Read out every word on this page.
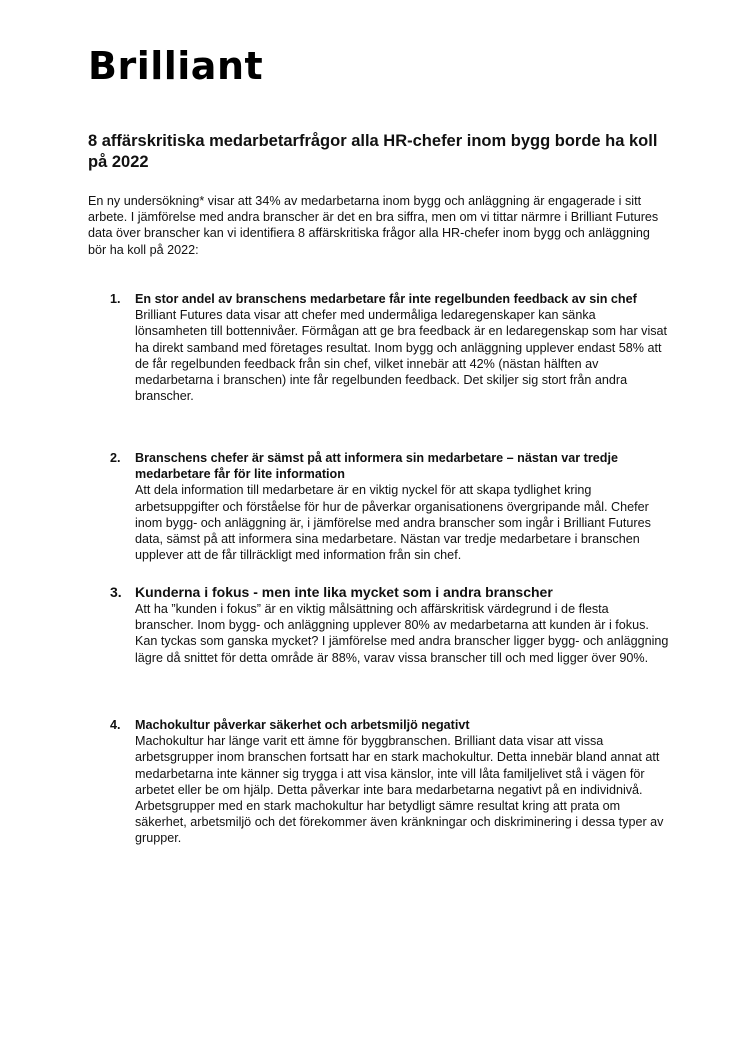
Brilliant
8 affärskritiska medarbetarfrågor alla HR-chefer inom bygg borde ha koll på 2022

En ny undersökning* visar att 34% av medarbetarna inom bygg och anläggning är engagerade i sitt arbete. I jämförelse med andra branscher är det en bra siffra, men om vi tittar närmre i Brilliant Futures data över branscher kan vi identifiera 8 affärskritiska frågor alla HR-chefer inom bygg och anläggning bör ha koll på 2022:

1. En stor andel av branschens medarbetare får inte regelbunden feedback av sin chef

Brilliant Futures data visar att chefer med undermåliga ledaregenskaper kan sänka lönsamheten till bottennivåer. Förmågan att ge bra feedback är en ledaregenskap som har visat ha direkt samband med företages resultat. Inom bygg och anläggning upplever endast 58% att de får regelbunden feedback från sin chef, vilket innebär att 42% (nästan hälften av medarbetarna i branschen) inte får regelbunden feedback. Det skiljer sig stort från andra branscher.

2. Branschens chefer är sämst på att informera sin medarbetare – nästan var tredje medarbetare får för lite information

Att dela information till medarbetare är en viktig nyckel för att skapa tydlighet kring arbetsuppgifter och förståelse för hur de påverkar organisationens övergripande mål. Chefer inom bygg- och anläggning är, i jämförelse med andra branscher som ingår i Brilliant Futures data, sämst på att informera sina medarbetare. Nästan var tredje medarbetare i branschen upplever att de får tillräckligt med information från sin chef.

3. Kunderna i fokus - men inte lika mycket som i andra branscher

Att ha ”kunden i fokus” är en viktig målsättning och affärskritisk värdegrund i de flesta branscher. Inom bygg- och anläggning upplever 80% av medarbetarna att kunden är i fokus. Kan tyckas som ganska mycket? I jämförelse med andra branscher ligger bygg- och anläggning lägre då snittet för detta område är 88%, varav vissa branscher till och med ligger över 90%.

4. Machokultur påverkar säkerhet och arbetsmiljö negativt

Machokultur har länge varit ett ämne för byggbranschen. Brilliant data visar att vissa arbetsgrupper inom branschen fortsatt har en stark machokultur. Detta innebär bland annat att medarbetarna inte känner sig trygga i att visa känslor, inte vill låta familjelivet stå i vägen för arbetet eller be om hjälp. Detta påverkar inte bara medarbetarna negativt på en individnivå. Arbetsgrupper med en stark machokultur har betydligt sämre resultat kring att prata om säkerhet, arbetsmiljö och det förekommer även kränkningar och diskriminering i dessa typer av grupper.
